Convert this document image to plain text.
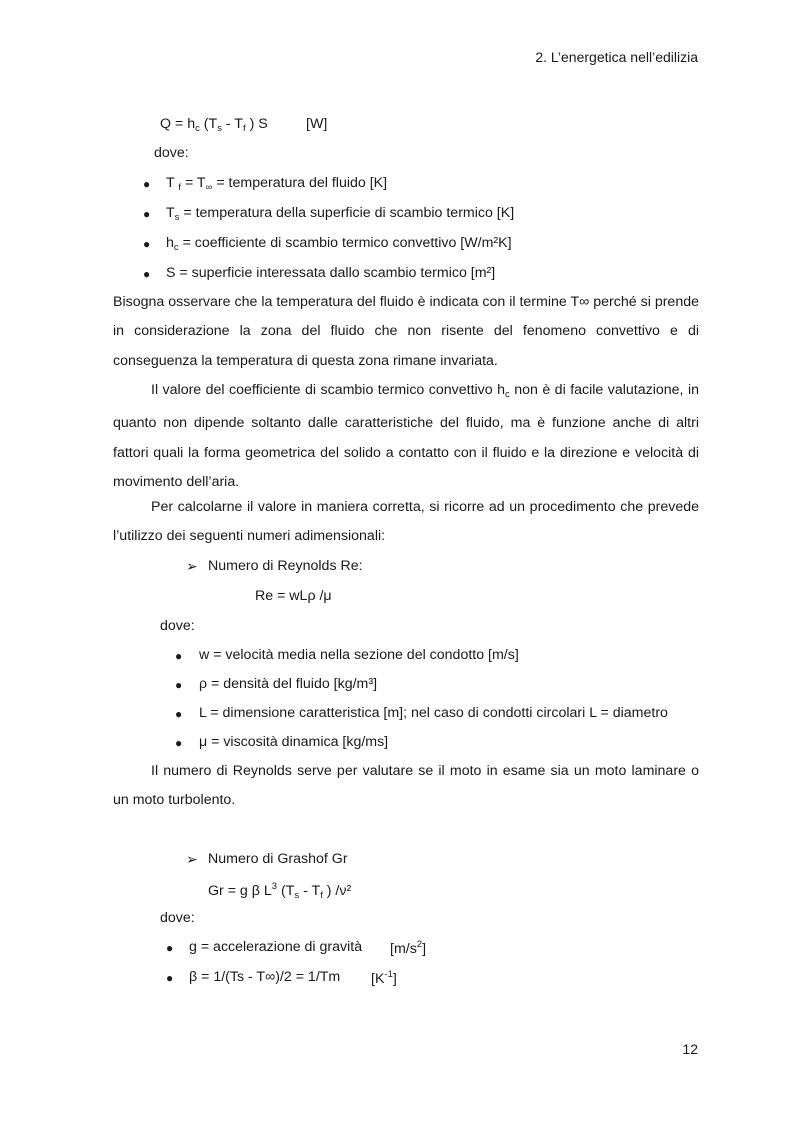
2. L’energetica nell’edilizia
$Q = h_c$ ($T_s - T_f$ ) S	[W]
dove:
● T $_f = T_\infty$ = temperatura del fluido [K]
● $T_s$ = temperatura della superficie di scambio termico [K]
● $h_c$ = coefficiente di scambio termico convettivo [W/m²K]
● S = superficie interessata dallo scambio termico [m²]

Bisogna osservare che la temperatura del fluido è indicata con il termine T∞ perché si prende in considerazione la zona del fluido che non risente del fenomeno convettivo e di conseguenza la temperatura di questa zona rimane invariata.

Il valore del coefficiente di scambio termico convettivo $h_c$ non è di facile valutazione, in quanto non dipende soltanto dalle caratteristiche del fluido, ma è funzione anche di altri fattori quali la forma geometrica del solido a contatto con il fluido e la direzione e velocità di movimento dell’aria.

Per calcolarne il valore in maniera corretta, si ricorre ad un procedimento che prevede l’utilizzo dei seguenti numeri adimensionali:

➢ Numero di Reynolds Re:
Re = wLρ /μ
dove:
● w = velocità media nella sezione del condotto [m/s]
● ρ = densità del fluido [kg/m³]
● L = dimensione caratteristica [m]; nel caso di condotti circolari L = diametro
● μ = viscosità dinamica [kg/ms]

Il numero di Reynolds serve per valutare se il moto in esame sia un moto laminare o un moto turbolento.

➢ Numero di Grashof Gr
Gr = g β $L^3$ ($T_s - T_f$ ) /ν²
dove:
● g = accelerazione di gravità $[m/s^2]$
● β = 1/(Ts - T∞)/2 = 1/Tm $[K^{-1}]$
12
